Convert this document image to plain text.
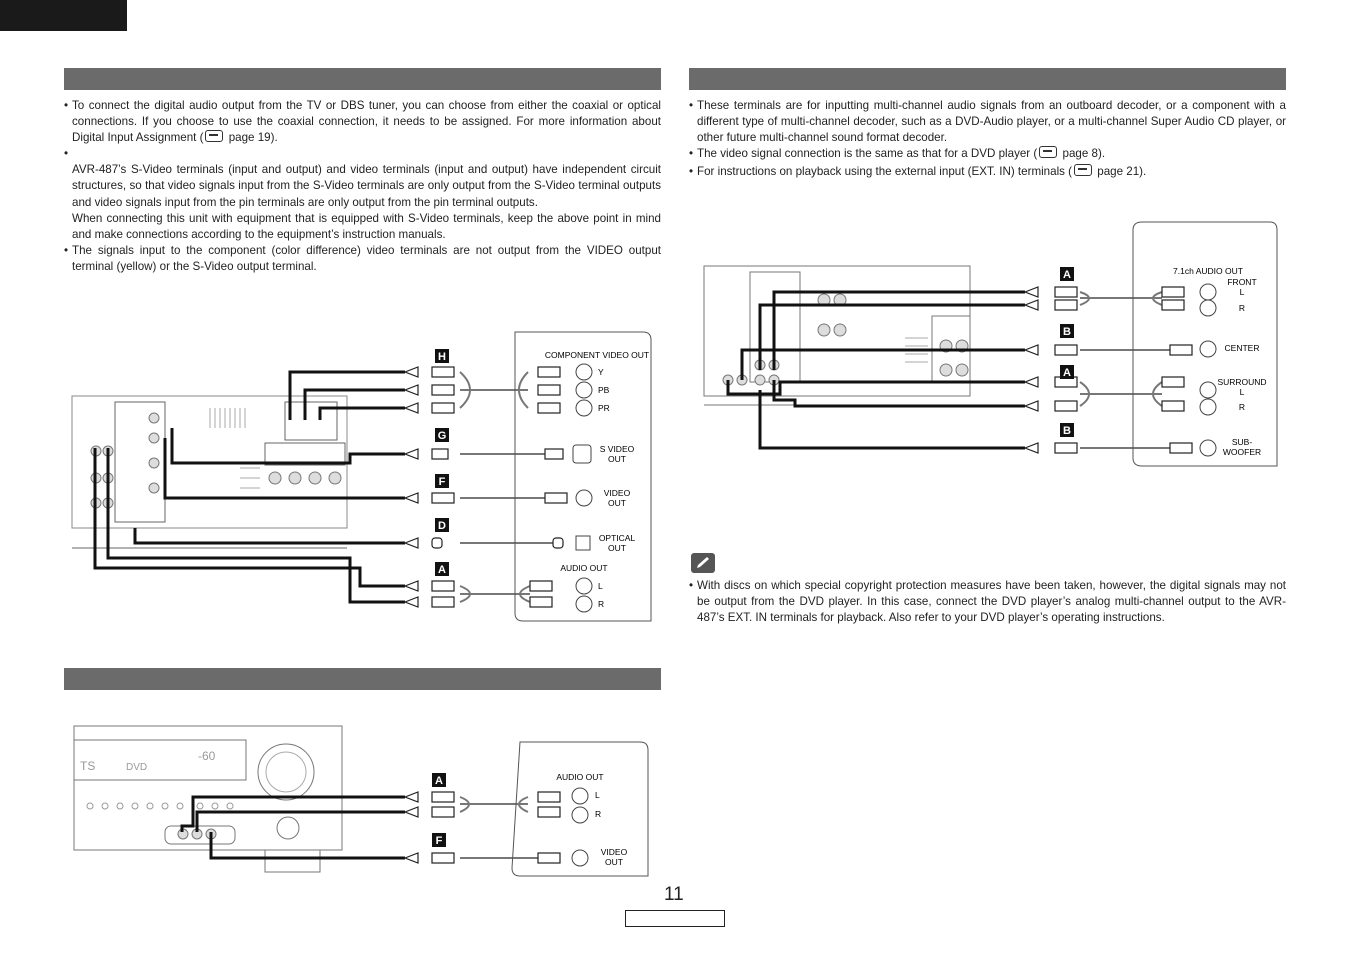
• To connect the digital audio output from the TV or DBS tuner, you can choose from either the coaxial or optical connections. If you choose to use the coaxial connection, it needs to be assigned. For more information about Digital Input Assignment ( page 19).

•

AVR-487’s S-Video terminals (input and output) and video terminals (input and output) have independent circuit structures, so that video signals input from the S-Video terminals are only output from the S-Video terminal outputs and video signals input from the pin terminals are only output from the pin terminal outputs.

When connecting this unit with equipment that is equipped with S-Video terminals, keep the above point in mind and make connections according to the equipment’s instruction manuals.

• The signals input to the component (color difference) video terminals are not output from the VIDEO output terminal (yellow) or the S-Video output terminal.

• These terminals are for inputting multi-channel audio signals from an outboard decoder, or a component with a different type of multi-channel decoder, such as a DVD-Audio player, or a multi-channel Super Audio CD player, or other future multi-channel sound format decoder.

• The video signal connection is the same as that for a DVD player ( page 8).

• For instructions on playback using the external input (EXT. IN) terminals ( page 21).

• With discs on which special copyright protection measures have been taken, however, the digital signals may not be output from the DVD player. In this case, connect the DVD player’s analog multi-channel output to the AVR-487’s EXT. IN terminals for playback. Also refer to your DVD player’s operating instructions.

H
G
F
D
A
COMPONENT VIDEO OUT
Y
PB
PR
S VIDEO
OUT
VIDEO
OUT
OPTICAL
OUT
AUDIO OUT
L
R
TS	DVD
-60
A
F
AUDIO OUT
L
R
VIDEO
OUT
A
B
A
B
7.1ch AUDIO OUT
FRONT
L
R
CENTER
SURROUND
L
R
SUB-
WOOFER
11
